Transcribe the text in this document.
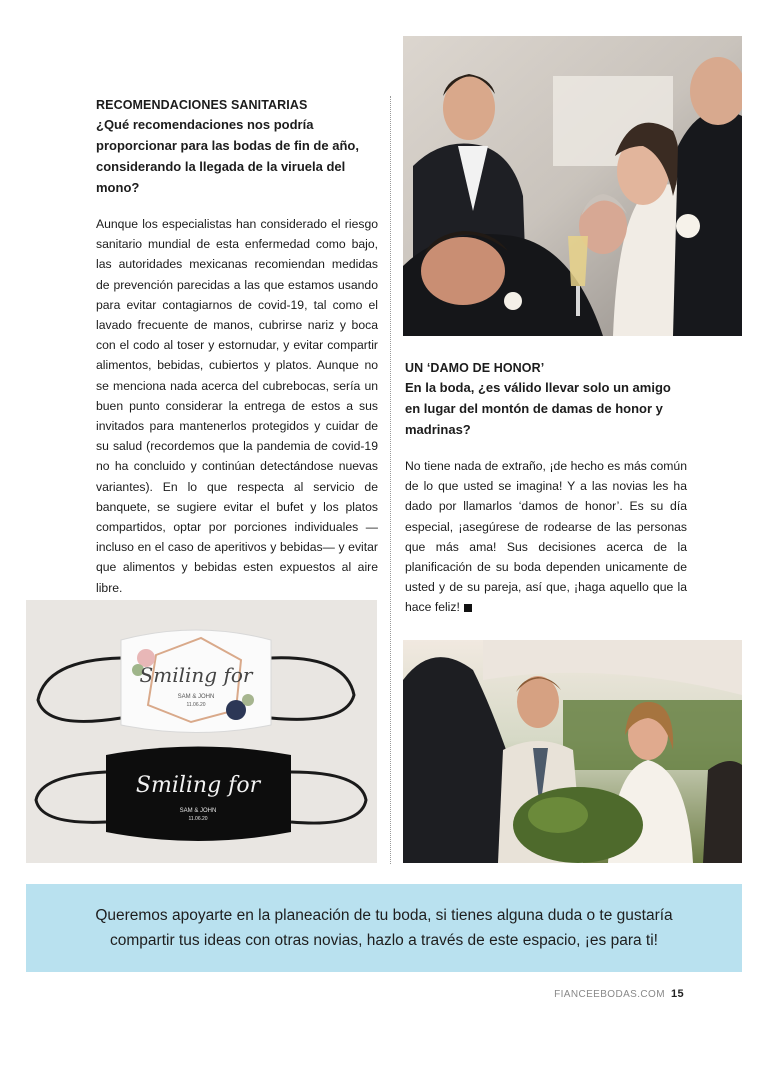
RECOMENDACIONES SANITARIAS

¿Qué recomendaciones nos podría proporcionar para las bodas de fin de año, considerando la llegada de la viruela del mono?

Aunque los especialistas han considerado el riesgo sanitario mundial de esta enfermedad como bajo, las autoridades mexicanas recomiendan medidas de prevención parecidas a las que estamos usando para evitar contagiarnos de covid-19, tal como el lavado frecuente de manos, cubrirse nariz y boca con el codo al toser y estornudar, y evitar compartir alimentos, bebidas, cubiertos y platos. Aunque no se menciona nada acerca del cubrebocas, sería un buen punto considerar la entrega de estos a sus invitados para mantenerlos protegidos y cuidar de su salud (recordemos que la pandemia de covid-19 no ha concluido y continúan detectándose nuevas variantes). En lo que respecta al servicio de banquete, se sugiere evitar el bufet y los platos compartidos, optar por porciones individuales —incluso en el caso de aperitivos y bebidas— y evitar que alimentos y bebidas esten expuestos al aire libre.

UN ‘DAMO DE HONOR’

En la boda, ¿es válido llevar solo un amigo en lugar del montón de damas de honor y madrinas?

No tiene nada de extraño, ¡de hecho es más común de lo que usted se imagina! Y a las novias les ha dado por llamarlos ‘damos de honor’. Es su día especial, ¡asegúrese de rodearse de las personas que más ama! Sus decisiones acerca de la planificación de su boda dependen unicamente de usted y de su pareja, así que, ¡haga aquello que la hace feliz!

Smiling for
SAM & JOHN
11.06.20
Smiling for
SAM & JOHN
11.06.20

Queremos apoyarte en la planeación de tu boda, si tienes alguna duda o te gustaría compartir tus ideas con otras novias, hazlo a través de este espacio, ¡es para ti!

FIANCEEBODAS.COM 15
